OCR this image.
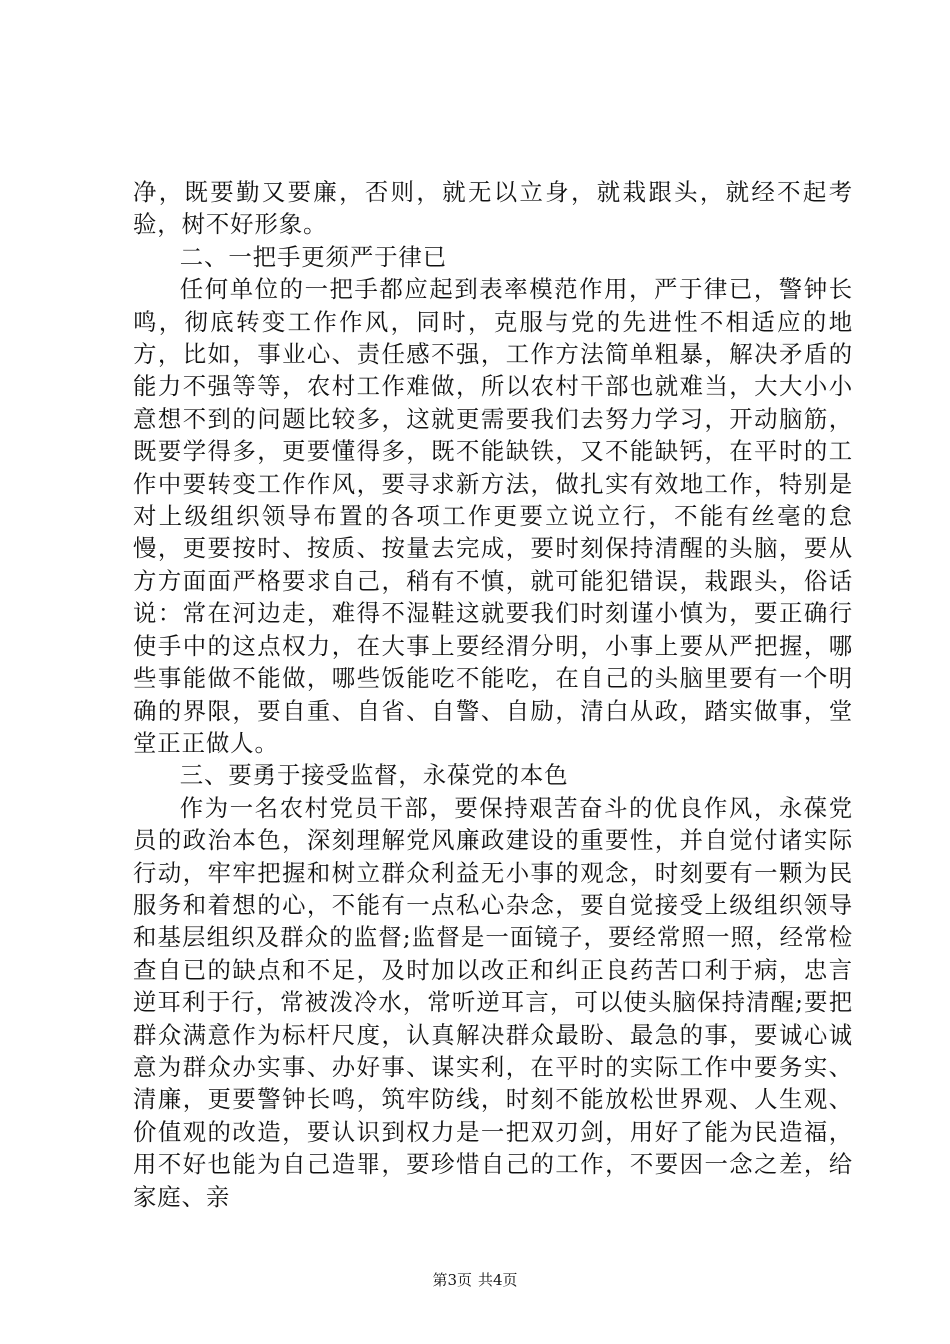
净，既要勤又要廉，否则，就无以立身，就栽跟头，就经不起考验，树不好形象。

二、一把手更须严于律已

任何单位的一把手都应起到表率模范作用，严于律已，警钟长鸣，彻底转变工作作风，同时，克服与党的先进性不相适应的地方，比如，事业心、责任感不强，工作方法简单粗暴，解决矛盾的能力不强等等，农村工作难做，所以农村干部也就难当，大大小小意想不到的问题比较多，这就更需要我们去努力学习，开动脑筋，既要学得多，更要懂得多，既不能缺铁，又不能缺钙，在平时的工作中要转变工作作风，要寻求新方法，做扎实有效地工作，特别是对上级组织领导布置的各项工作更要立说立行，不能有丝毫的怠慢，更要按时、按质、按量去完成，要时刻保持清醒的头脑，要从方方面面严格要求自己，稍有不慎，就可能犯错误，栽跟头，俗话说：常在河边走，难得不湿鞋这就要我们时刻谨小慎为，要正确行使手中的这点权力，在大事上要经渭分明，小事上要从严把握，哪些事能做不能做，哪些饭能吃不能吃，在自己的头脑里要有一个明确的界限，要自重、自省、自警、自励，清白从政，踏实做事，堂堂正正做人。

三、要勇于接受监督，永葆党的本色

作为一名农村党员干部，要保持艰苦奋斗的优良作风，永葆党员的政治本色，深刻理解党风廉政建设的重要性，并自觉付诸实际行动，牢牢把握和树立群众利益无小事的观念，时刻要有一颗为民服务和着想的心，不能有一点私心杂念，要自觉接受上级组织领导和基层组织及群众的监督;监督是一面镜子，要经常照一照，经常检查自已的缺点和不足，及时加以改正和纠正良药苦口利于病，忠言逆耳利于行，常被泼冷水，常听逆耳言，可以使头脑保持清醒;要把群众满意作为标杆尺度，认真解决群众最盼、最急的事，要诚心诚意为群众办实事、办好事、谋实利，在平时的实际工作中要务实、清廉，更要警钟长鸣，筑牢防线，时刻不能放松世界观、人生观、价值观的改造，要认识到权力是一把双刃剑，用好了能为民造福，用不好也能为自己造罪，要珍惜自己的工作，不要因一念之差，给家庭、亲

第3页 共4页
